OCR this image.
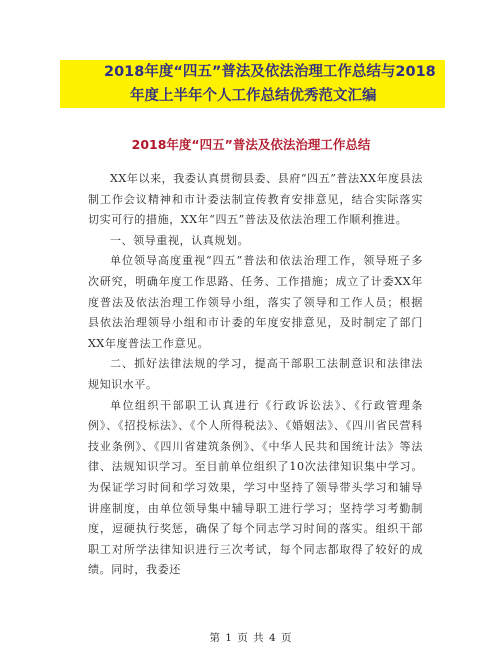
2018年度“四五”普法及依法治理工作总结与2018
年度上半年个人工作总结优秀范文汇编
2018年度“四五”普法及依法治理工作总结

XX年以来，我委认真贯彻县委、县府“四五”普法XX年度县法制工作会议精神和市计委法制宣传教育安排意见，结合实际落实切实可行的措施，XX年“四五”普法及依法治理工作顺利推进。

一、领导重视，认真规划。

单位领导高度重视“四五”普法和依法治理工作，领导班子多次研究，明确年度工作思路、任务、工作措施；成立了计委XX年度普法及依法治理工作领导小组，落实了领导和工作人员；根据县依法治理领导小组和市计委的年度安排意见，及时制定了部门XX年度普法工作意见。

二、抓好法律法规的学习，提高干部职工法制意识和法律法规知识水平。

单位组织干部职工认真进行《行政诉讼法》、《行政管理条例》、《招投标法》、《个人所得税法》、《婚姻法》、《四川省民营科技业条例》、《四川省建筑条例》、《中华人民共和国统计法》等法律、法规知识学习。至目前单位组织了10次法律知识集中学习。为保证学习时间和学习效果，学习中坚持了领导带头学习和辅导讲座制度，由单位领导集中辅导职工进行学习；坚持学习考勤制度，逗硬执行奖惩，确保了每个同志学习时间的落实。组织干部职工对所学法律知识进行三次考试，每个同志都取得了较好的成绩。同时，我委还

第 1 页 共 4 页
